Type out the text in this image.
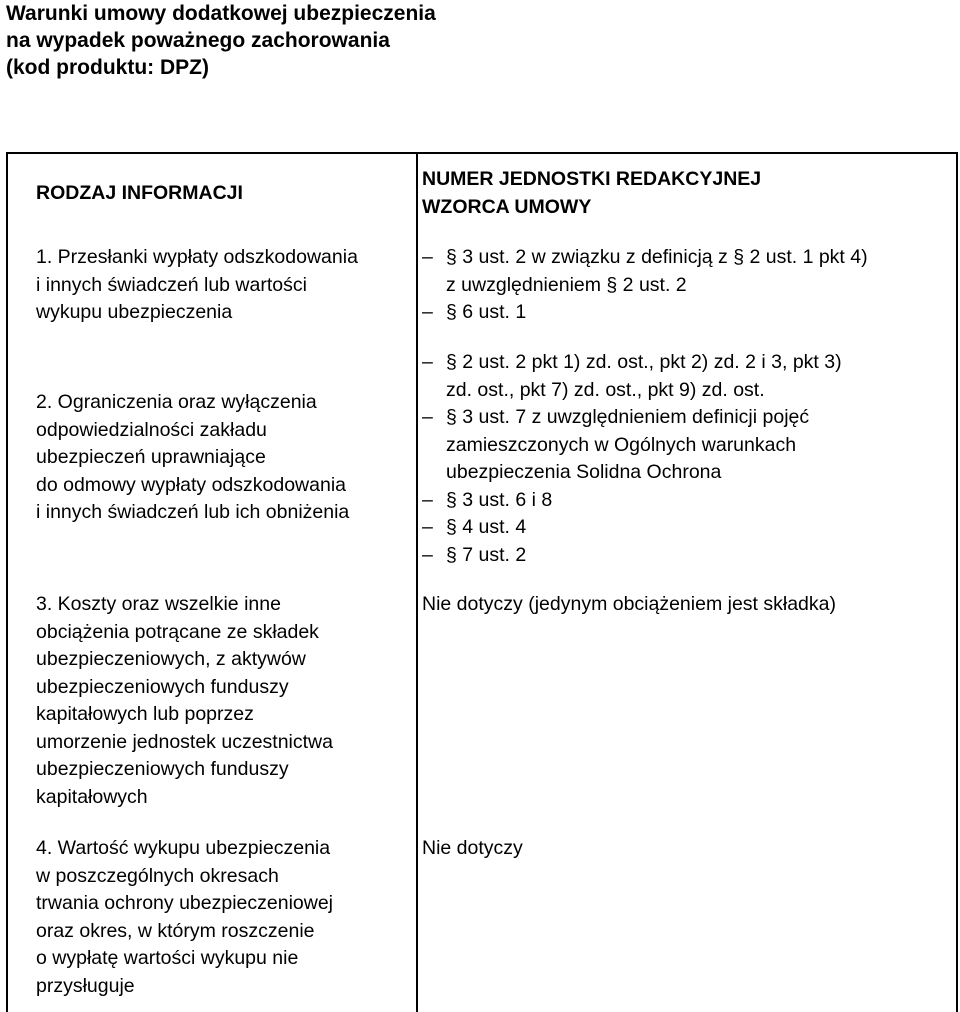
Warunki umowy dodatkowej ubezpieczenia
na wypadek poważnego zachorowania
(kod produktu: DPZ)
RODZAJ INFORMACJI
NUMER JEDNOSTKI REDAKCYJNEJ
WZORCA UMOWY
1. Przesłanki wypłaty odszkodowania
i innych świadczeń lub wartości
wykupu ubezpieczenia
– § 3 ust. 2 w związku z definicją z § 2 ust. 1 pkt 4)
z uwzględnieniem § 2 ust. 2
– § 6 ust. 1
2. Ograniczenia oraz wyłączenia
odpowiedzialności zakładu
ubezpieczeń uprawniające
do odmowy wypłaty odszkodowania
i innych świadczeń lub ich obniżenia
– § 2 ust. 2 pkt 1) zd. ost., pkt 2) zd. 2 i 3, pkt 3)
zd. ost., pkt 7) zd. ost., pkt 9) zd. ost.
– § 3 ust. 7 z uwzględnieniem definicji pojęć
zamieszczonych w Ogólnych warunkach
ubezpieczenia Solidna Ochrona
– § 3 ust. 6 i 8
– § 4 ust. 4
– § 7 ust. 2
3. Koszty oraz wszelkie inne
obciążenia potrącane ze składek
ubezpieczeniowych, z aktywów
ubezpieczeniowych funduszy
kapitałowych lub poprzez
umorzenie jednostek uczestnictwa
ubezpieczeniowych funduszy
kapitałowych
Nie dotyczy (jedynym obciążeniem jest składka)
4. Wartość wykupu ubezpieczenia
w poszczególnych okresach
trwania ochrony ubezpieczeniowej
oraz okres, w którym roszczenie
o wypłatę wartości wykupu nie
przysługuje
Nie dotyczy
